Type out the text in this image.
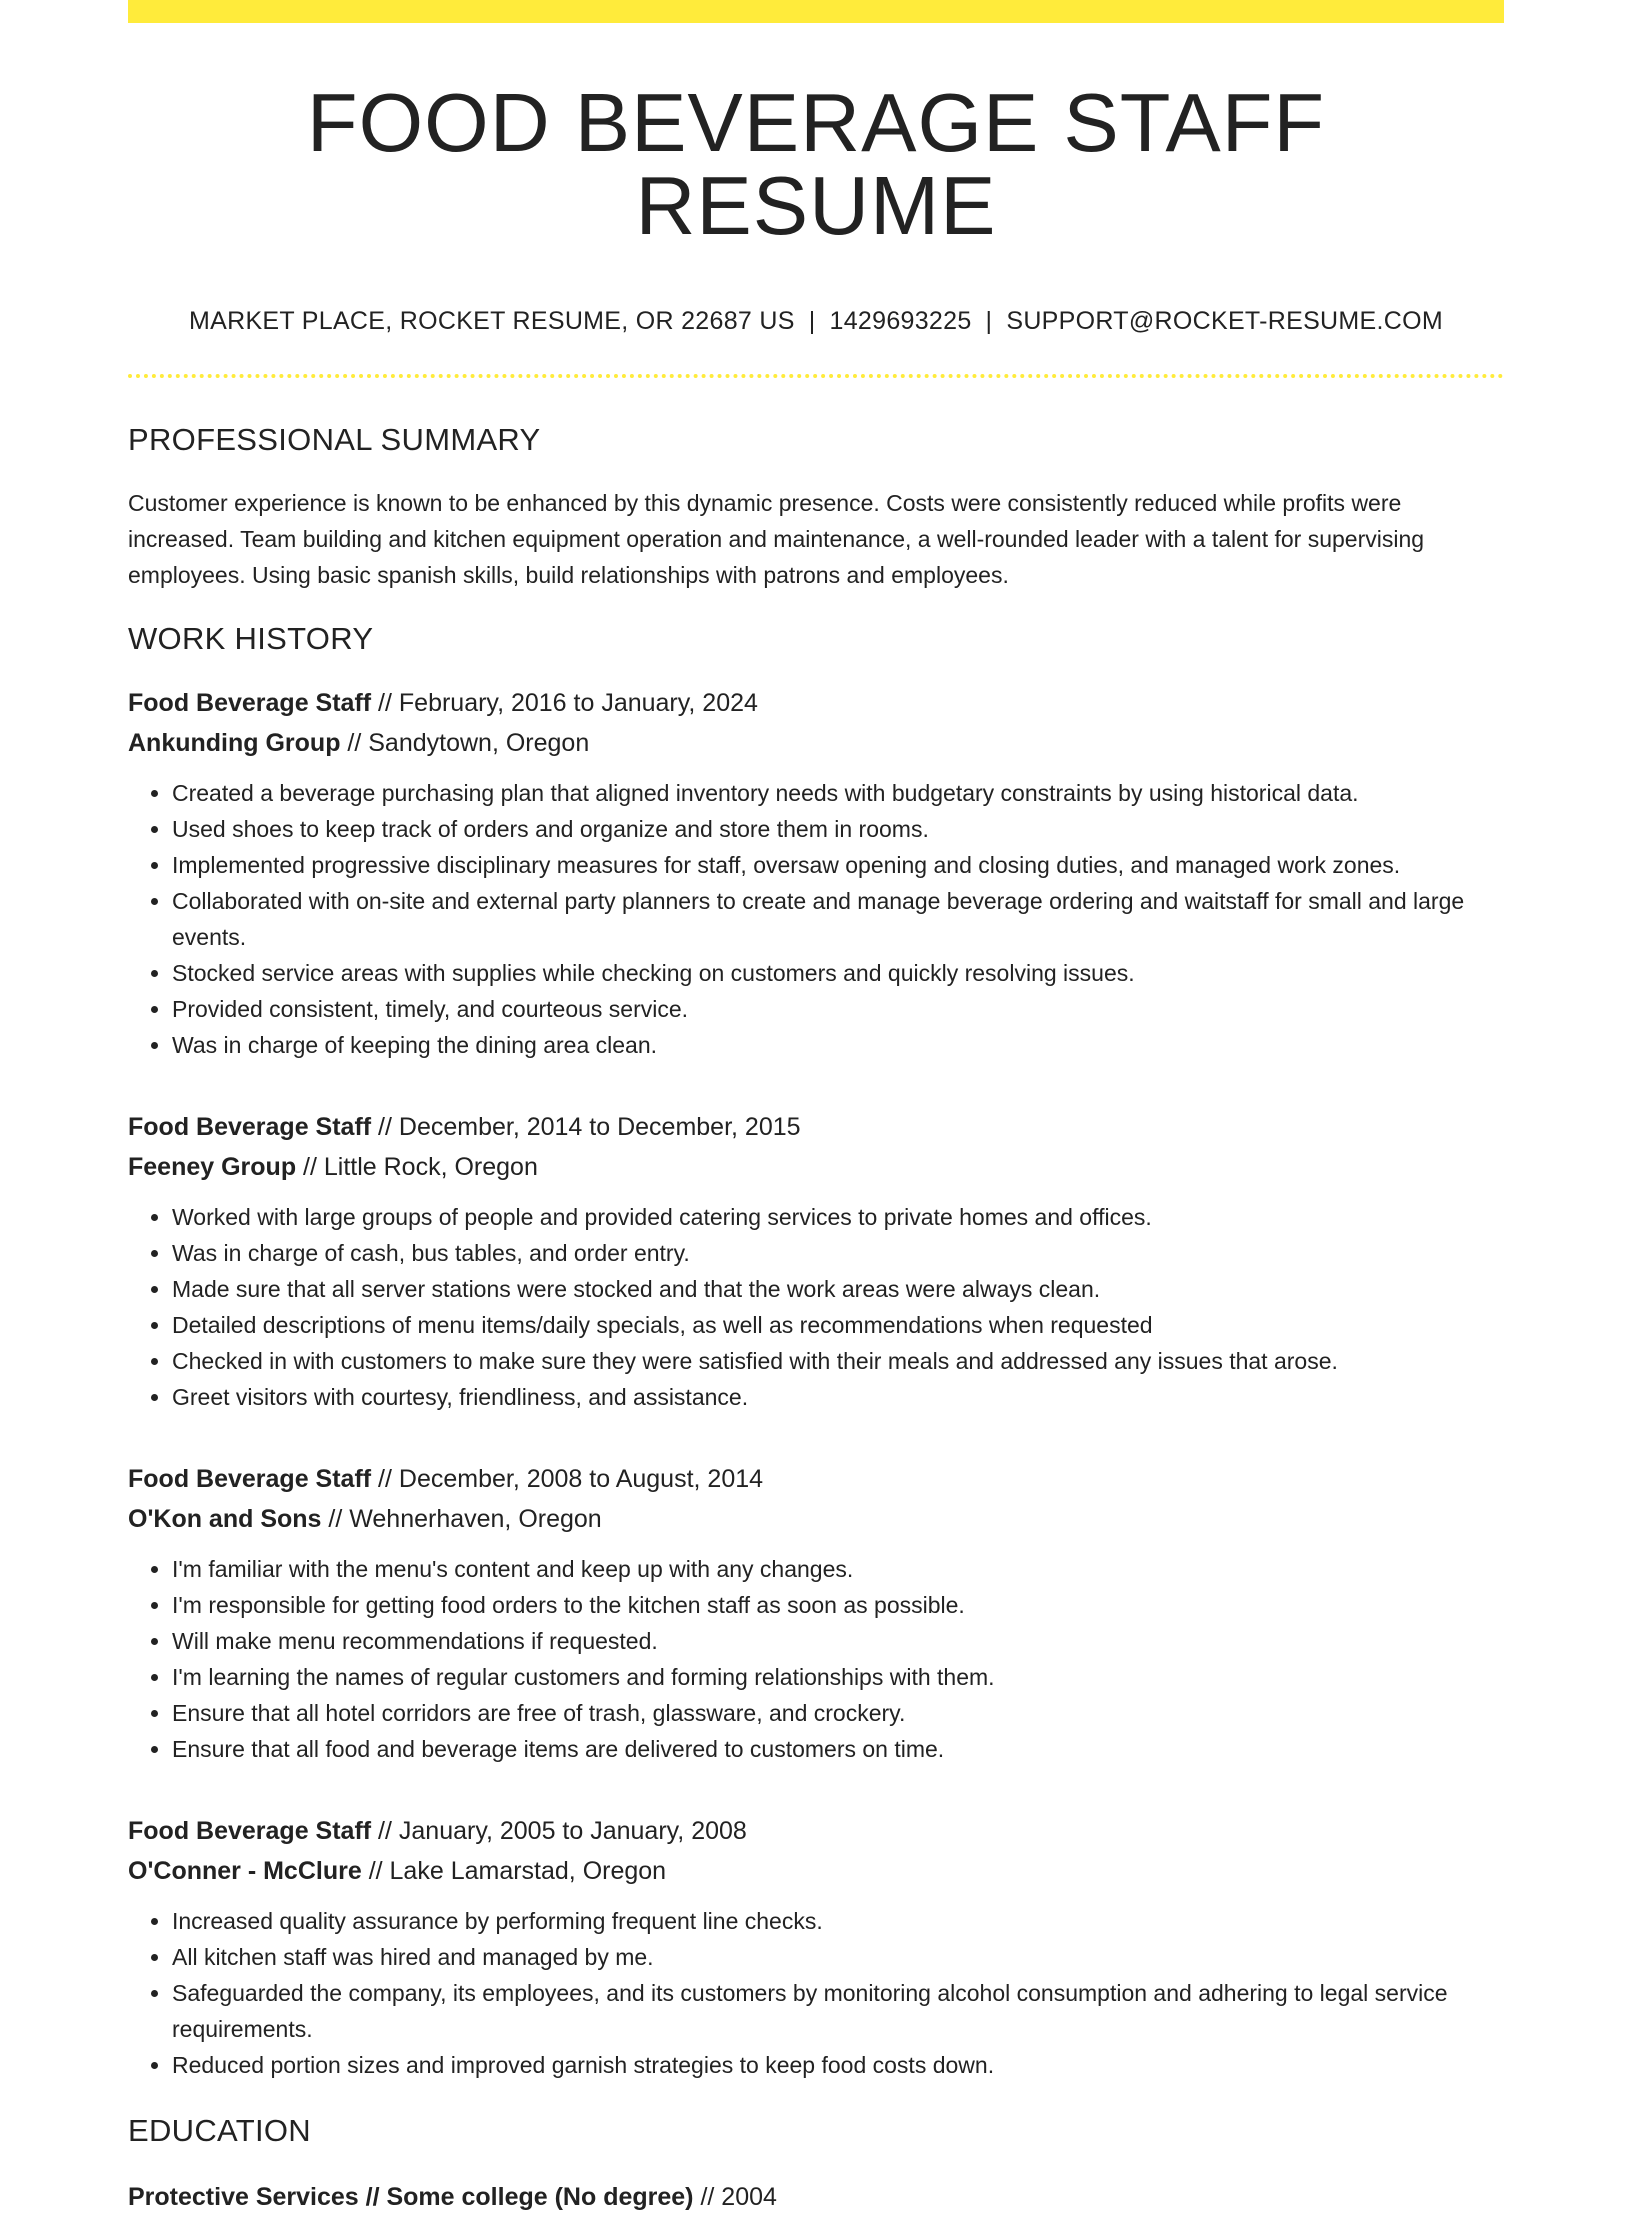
FOOD BEVERAGE STAFF RESUME
MARKET PLACE, ROCKET RESUME, OR 22687 US | 1429693225 | SUPPORT@ROCKET-RESUME.COM
PROFESSIONAL SUMMARY
Customer experience is known to be enhanced by this dynamic presence. Costs were consistently reduced while profits were increased. Team building and kitchen equipment operation and maintenance, a well-rounded leader with a talent for supervising employees. Using basic spanish skills, build relationships with patrons and employees.
WORK HISTORY
Food Beverage Staff // February, 2016 to January, 2024
Ankunding Group // Sandytown, Oregon
• Created a beverage purchasing plan that aligned inventory needs with budgetary constraints by using historical data.
• Used shoes to keep track of orders and organize and store them in rooms.
• Implemented progressive disciplinary measures for staff, oversaw opening and closing duties, and managed work zones.
• Collaborated with on-site and external party planners to create and manage beverage ordering and waitstaff for small and large events.
• Stocked service areas with supplies while checking on customers and quickly resolving issues.
• Provided consistent, timely, and courteous service.
• Was in charge of keeping the dining area clean.
Food Beverage Staff // December, 2014 to December, 2015
Feeney Group // Little Rock, Oregon
• Worked with large groups of people and provided catering services to private homes and offices.
• Was in charge of cash, bus tables, and order entry.
• Made sure that all server stations were stocked and that the work areas were always clean.
• Detailed descriptions of menu items/daily specials, as well as recommendations when requested
• Checked in with customers to make sure they were satisfied with their meals and addressed any issues that arose.
• Greet visitors with courtesy, friendliness, and assistance.
Food Beverage Staff // December, 2008 to August, 2014
O'Kon and Sons // Wehnerhaven, Oregon
• I'm familiar with the menu's content and keep up with any changes.
• I'm responsible for getting food orders to the kitchen staff as soon as possible.
• Will make menu recommendations if requested.
• I'm learning the names of regular customers and forming relationships with them.
• Ensure that all hotel corridors are free of trash, glassware, and crockery.
• Ensure that all food and beverage items are delivered to customers on time.
Food Beverage Staff // January, 2005 to January, 2008
O'Conner - McClure // Lake Lamarstad, Oregon
• Increased quality assurance by performing frequent line checks.
• All kitchen staff was hired and managed by me.
• Safeguarded the company, its employees, and its customers by monitoring alcohol consumption and adhering to legal service requirements.
• Reduced portion sizes and improved garnish strategies to keep food costs down.
EDUCATION
Protective Services // Some college (No degree) // 2004
